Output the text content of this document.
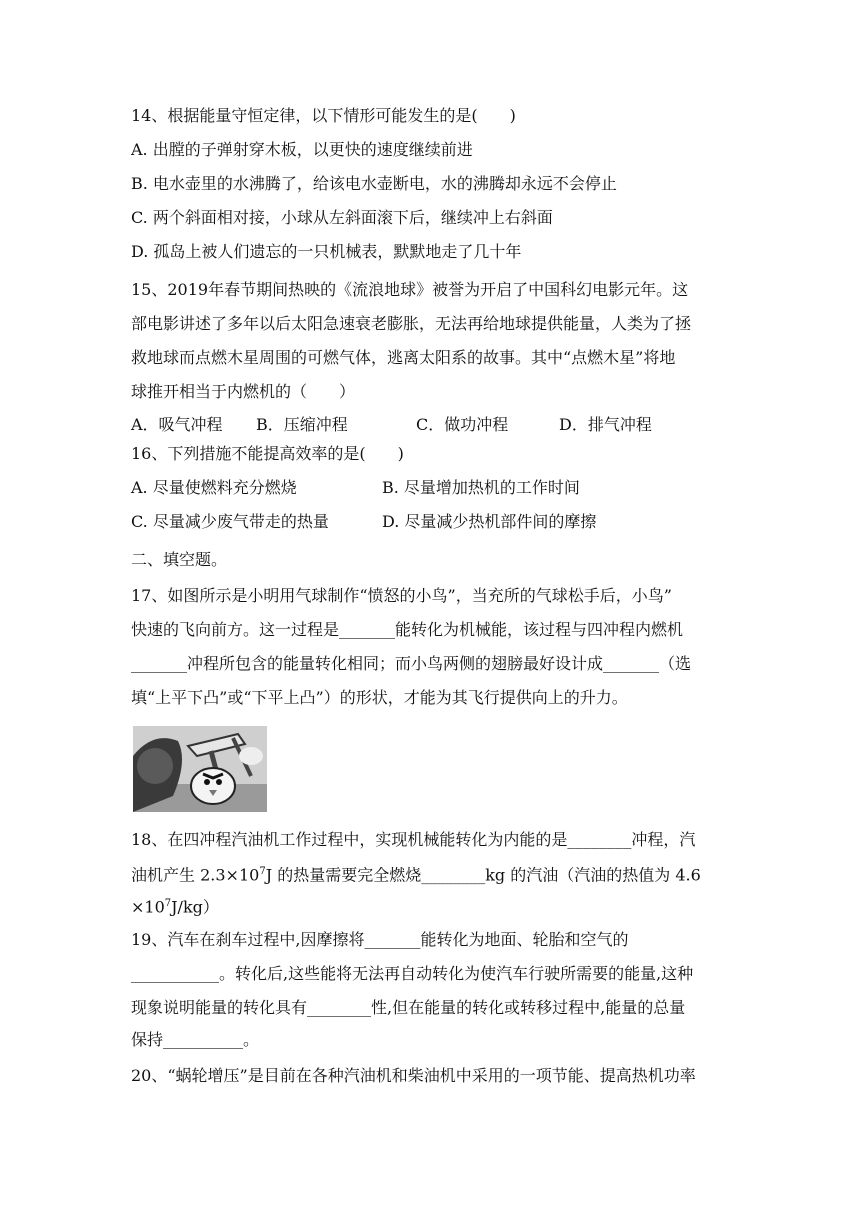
14、根据能量守恒定律，以下情形可能发生的是(　　)
A. 出膛的子弹射穿木板，以更快的速度继续前进
B. 电水壶里的水沸腾了，给该电水壶断电，水的沸腾却永远不会停止
C. 两个斜面相对接，小球从左斜面滚下后，继续冲上右斜面
D. 孤岛上被人们遗忘的一只机械表，默默地走了几十年
15、2019年春节期间热映的《流浪地球》被誉为开启了中国科幻电影元年。这
部电影讲述了多年以后太阳急速衰老膨胀，无法再给地球提供能量，人类为了拯
救地球而点燃木星周围的可燃气体，逃离太阳系的故事。其中“点燃木星”将地
球推开相当于内燃机的（　　）
A．吸气冲程 B．压缩冲程	C．做功冲程	D．排气冲程
16、下列措施不能提高效率的是(　　)
A. 尽量使燃料充分燃烧	B. 尽量增加热机的工作时间
C. 尽量减少废气带走的热量	D. 尽量减少热机部件间的摩擦
二、填空题。
17、如图所示是小明用气球制作“愤怒的小鸟”，当充所的气球松手后，小鸟”
快速的飞向前方。这一过程是_______能转化为机械能，该过程与四冲程内燃机
_______冲程所包含的能量转化相同；而小鸟两侧的翅膀最好设计成_______（选
填“上平下凸”或“下平上凸”）的形状，才能为其飞行提供向上的升力。
18、在四冲程汽油机工作过程中，实现机械能转化为内能的是________冲程，汽
油机产生 $2.3\times 10^7J$ 的热量需要完全燃烧________kg 的汽油（汽油的热值为 4.6
$\times 10^7J/kg$）
19、汽车在刹车过程中,因摩擦将_______能转化为地面、轮胎和空气的
___________。转化后,这些能将无法再自动转化为使汽车行驶所需要的能量,这种
现象说明能量的转化具有________性,但在能量的转化或转移过程中,能量的总量
保持__________。
20、“蜗轮增压”是目前在各种汽油机和柴油机中采用的一项节能、提高热机功率
